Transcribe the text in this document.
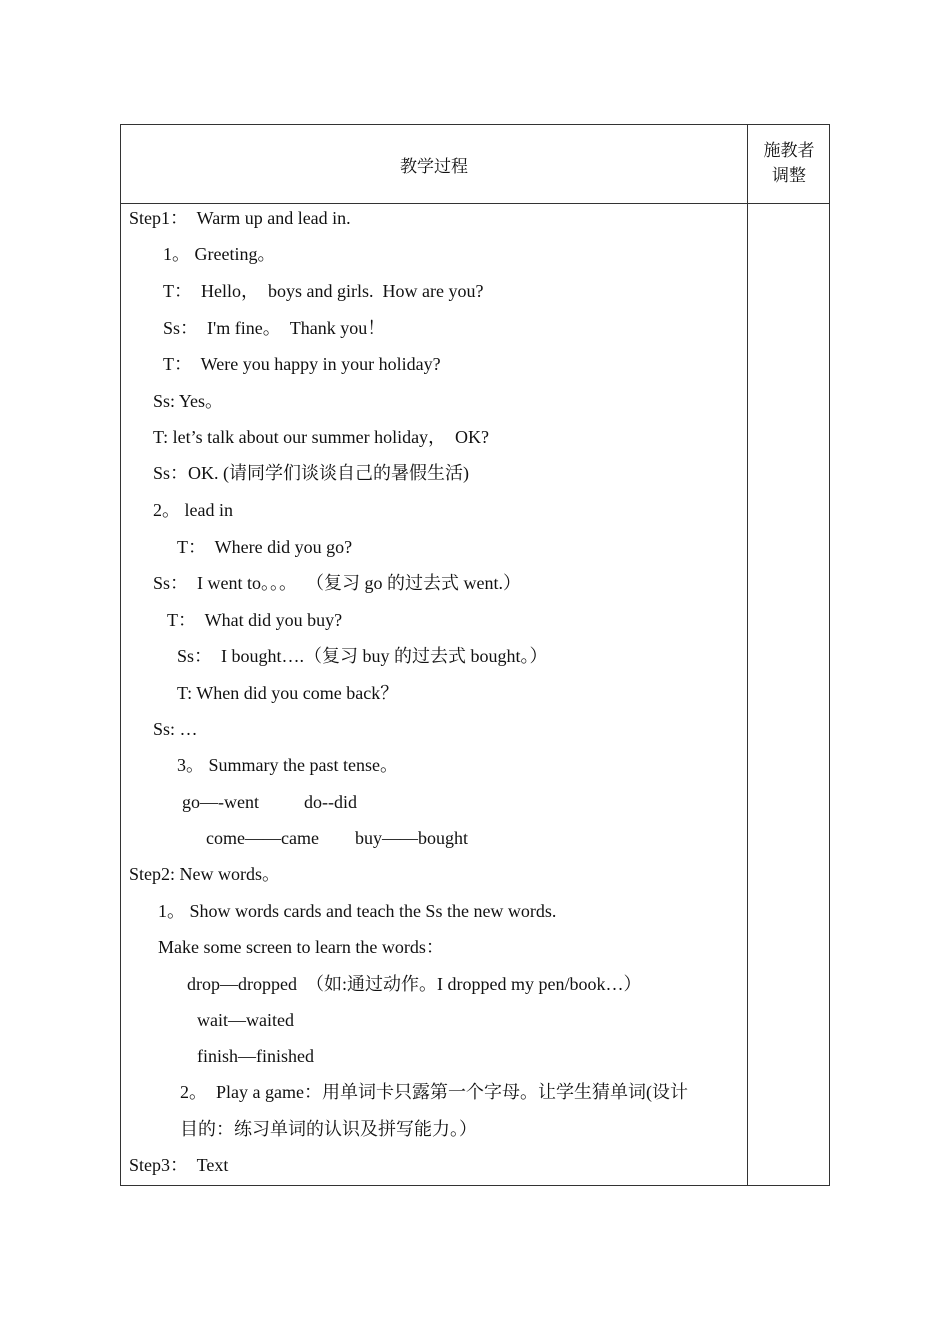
教学过程
施教者
调整
Step1：  Warm up and lead in.
1。 Greeting。
T：  Hello，  boys and girls.  How are you?
Ss：  I'm fine。  Thank you！
T：  Were you happy in your holiday?
Ss: Yes。
T: let’s talk about our summer holiday，  OK?
Ss：OK. (请同学们谈谈自己的暑假生活)
2。 lead in
T：  Where did you go?
Ss：  I went to。。。  （复习 go 的过去式 went.）
T：  What did you buy?
Ss：  I bought….（复习 buy 的过去式 bought。）
T: When did you come back？
Ss: …
3。 Summary the past tense。
go—-went          do--did
come——came        buy——bought
Step2: New words。
1。 Show words cards and teach the Ss the new words.
Make some screen to learn the words：
drop—dropped  （如:通过动作。I dropped my pen/book…）
wait—waited
finish—finished
2。  Play a game：用单词卡只露第一个字母。让学生猜单词(设计
目的：练习单词的认识及拼写能力。）
Step3：  Text
